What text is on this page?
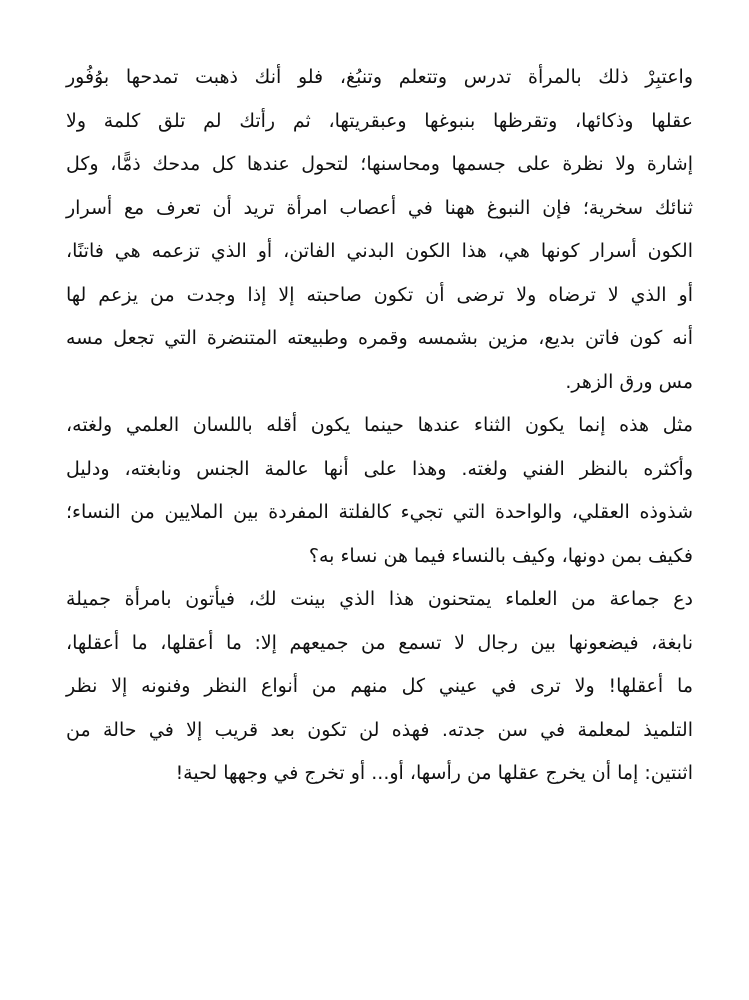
واعتبِرْ ذلك بالمرأة تدرس وتتعلم وتنبُغ، فلو أنك ذهبت تمدحها بوُفُور
عقلها وذكائها، وتقرظها بنبوغها وعبقريتها، ثم رأتك لم تلق كلمة ولا
إشارة ولا نظرة على جسمها ومحاسنها؛ لتحول عندها كل مدحك ذمًّا، وكل
ثنائك سخرية؛ فإن النبوغ ههنا في أعصاب امرأة تريد أن تعرف مع أسرار
الكون أسرار كونها هي، هذا الكون البدني الفاتن، أو الذي تزعمه هي فاتنًا،
أو الذي لا ترضاه ولا ترضى أن تكون صاحبته إلا إذا وجدت من يزعم لها
أنه كون فاتن بديع، مزين بشمسه وقمره وطبيعته المتنضرة التي تجعل مسه
مس ورق الزهر.
مثل هذه إنما يكون الثناء عندها حينما يكون أقله باللسان العلمي ولغته،
وأكثره بالنظر الفني ولغته. وهذا على أنها عالمة الجنس ونابغته، ودليل
شذوذه العقلي، والواحدة التي تجيء كالفلتة المفردة بين الملايين من النساء؛
فكيف بمن دونها، وكيف بالنساء فيما هن نساء به؟
دع جماعة من العلماء يمتحنون هذا الذي بينت لك، فيأتون بامرأة جميلة
نابغة، فيضعونها بين رجال لا تسمع من جميعهم إلا: ما أعقلها، ما أعقلها،
ما أعقلها! ولا ترى في عيني كل منهم من أنواع النظر وفنونه إلا نظر
التلميذ لمعلمة في سن جدته. فهذه لن تكون بعد قريب إلا في حالة من
اثنتين: إما أن يخرج عقلها من رأسها، أو... أو تخرج في وجهها لحية!
